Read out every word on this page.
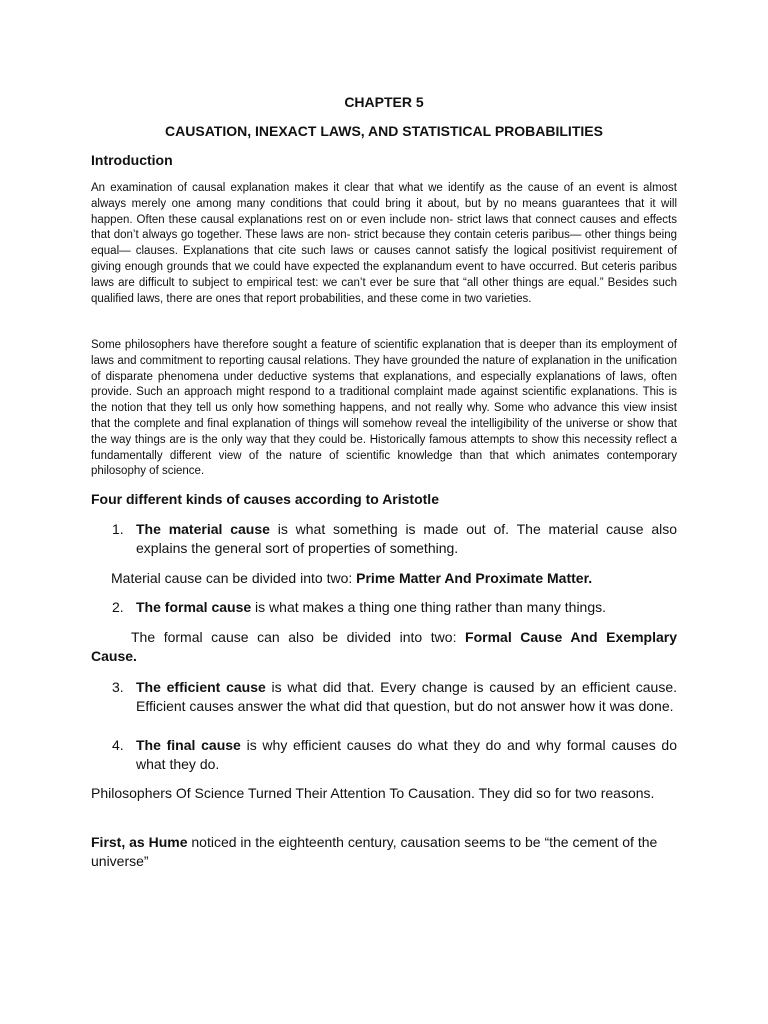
CHAPTER 5
CAUSATION, INEXACT LAWS, AND STATISTICAL PROBABILITIES
Introduction

An examination of causal explanation makes it clear that what we identify as the cause of an event is almost always merely one among many conditions that could bring it about, but by no means guarantees that it will happen. Often these causal explanations rest on or even include non- strict laws that connect causes and effects that don’t always go together. These laws are non- strict because they contain ceteris paribus— other things being equal— clauses. Explanations that cite such laws or causes cannot satisfy the logical positivist requirement of giving enough grounds that we could have expected the explanandum event to have occurred. But ceteris paribus laws are difficult to subject to empirical test: we can’t ever be sure that “all other things are equal.” Besides such qualified laws, there are ones that report probabilities, and these come in two varieties.

Some philosophers have therefore sought a feature of scientific explanation that is deeper than its employment of laws and commitment to reporting causal relations. They have grounded the nature of explanation in the unification of disparate phenomena under deductive systems that explanations, and especially explanations of laws, often provide. Such an approach might respond to a traditional complaint made against scientific explanations. This is the notion that they tell us only how something happens, and not really why. Some who advance this view insist that the complete and final explanation of things will somehow reveal the intelligibility of the universe or show that the way things are is the only way that they could be. Historically famous attempts to show this necessity reflect a fundamentally different view of the nature of scientific knowledge than that which animates contemporary philosophy of science.

Four different kinds of causes according to Aristotle
1. The material cause is what something is made out of. The material cause also explains the general sort of properties of something.
Material cause can be divided into two: Prime Matter And Proximate Matter.
2. The formal cause is what makes a thing one thing rather than many things.
The formal cause can also be divided into two: Formal Cause And Exemplary
Cause.
3. The efficient cause is what did that. Every change is caused by an efficient cause. Efficient causes answer the what did that question, but do not answer how it was done.
4. The final cause is why efficient causes do what they do and why formal causes do what they do.
Philosophers Of Science Turned Their Attention To Causation. They did so for two reasons.
First, as Hume noticed in the eighteenth century, causation seems to be “the cement of the universe”
